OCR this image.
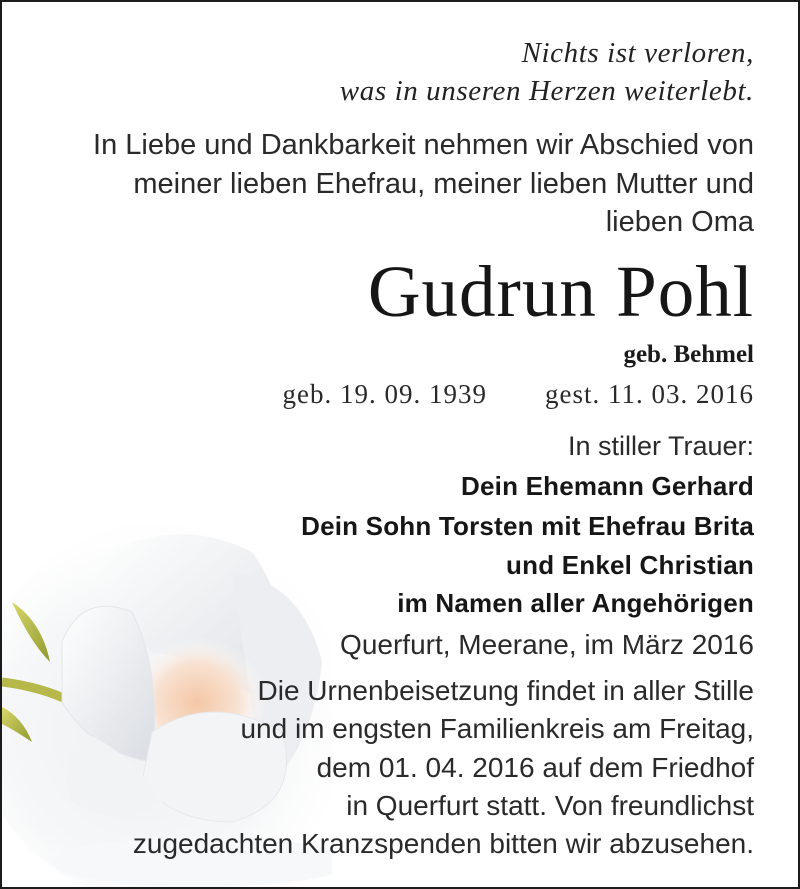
Nichts ist verloren,
was in unseren Herzen weiterlebt.
In Liebe und Dankbarkeit nehmen wir Abschied von
meiner lieben Ehefrau, meiner lieben Mutter und
lieben Oma
Gudrun Pohl
geb. Behmel
geb. 19. 09. 1939 gest. 11. 03. 2016
In stiller Trauer:
Dein Ehemann Gerhard
Dein Sohn Torsten mit Ehefrau Brita
und Enkel Christian
im Namen aller Angehörigen
Querfurt, Meerane, im März 2016
Die Urnenbeisetzung findet in aller Stille
und im engsten Familienkreis am Freitag,
dem 01. 04. 2016 auf dem Friedhof
in Querfurt statt. Von freundlichst
zugedachten Kranzspenden bitten wir abzusehen.
